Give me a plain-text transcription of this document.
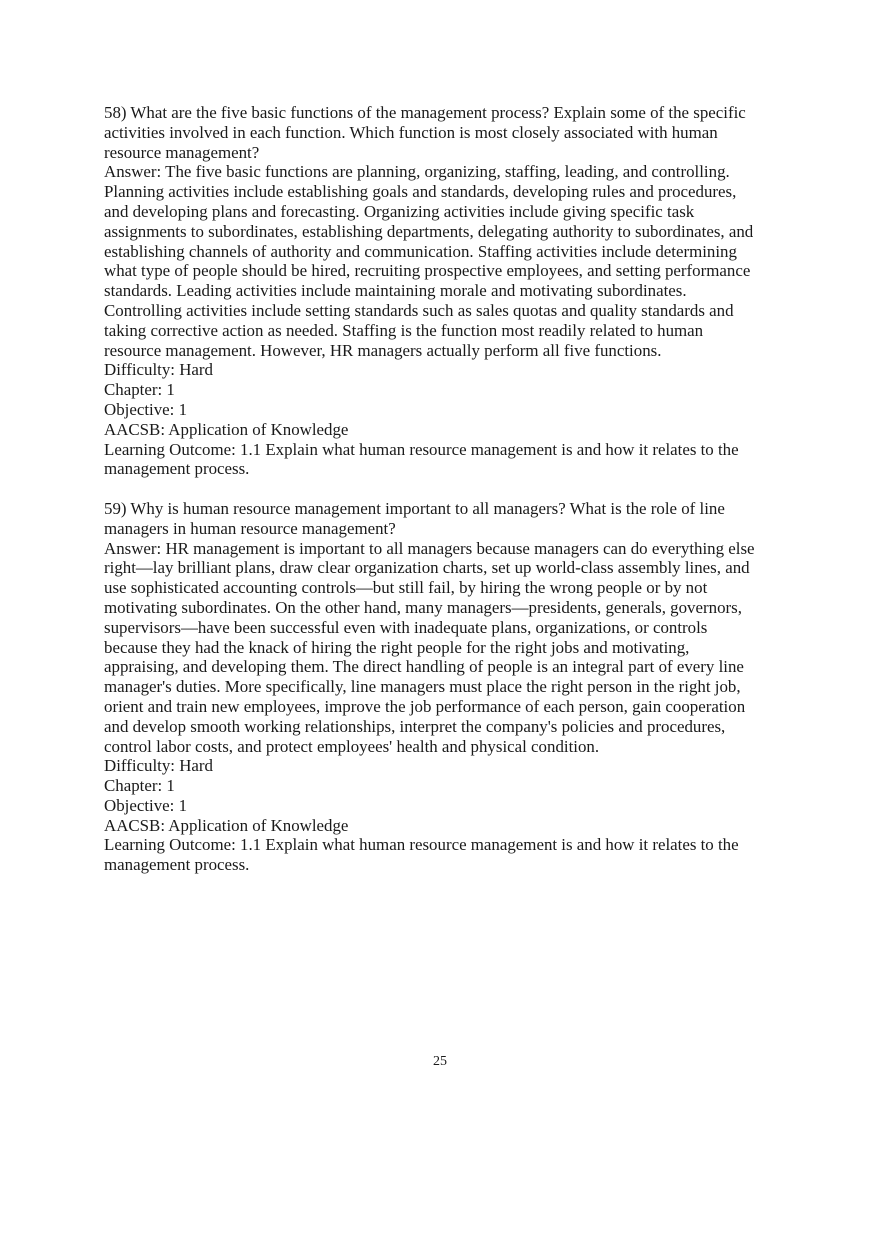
58) What are the five basic functions of the management process? Explain some of the specific
activities involved in each function. Which function is most closely associated with human
resource management?
Answer: The five basic functions are planning, organizing, staffing, leading, and controlling.
Planning activities include establishing goals and standards, developing rules and procedures,
and developing plans and forecasting. Organizing activities include giving specific task
assignments to subordinates, establishing departments, delegating authority to subordinates, and
establishing channels of authority and communication. Staffing activities include determining
what type of people should be hired, recruiting prospective employees, and setting performance
standards. Leading activities include maintaining morale and motivating subordinates.
Controlling activities include setting standards such as sales quotas and quality standards and
taking corrective action as needed. Staffing is the function most readily related to human
resource management. However, HR managers actually perform all five functions.
Difficulty: Hard
Chapter: 1
Objective: 1
AACSB: Application of Knowledge
Learning Outcome: 1.1 Explain what human resource management is and how it relates to the
management process.
59) Why is human resource management important to all managers? What is the role of line
managers in human resource management?
Answer: HR management is important to all managers because managers can do everything else
right—lay brilliant plans, draw clear organization charts, set up world-class assembly lines, and
use sophisticated accounting controls—but still fail, by hiring the wrong people or by not
motivating subordinates. On the other hand, many managers—presidents, generals, governors,
supervisors—have been successful even with inadequate plans, organizations, or controls
because they had the knack of hiring the right people for the right jobs and motivating,
appraising, and developing them. The direct handling of people is an integral part of every line
manager's duties. More specifically, line managers must place the right person in the right job,
orient and train new employees, improve the job performance of each person, gain cooperation
and develop smooth working relationships, interpret the company's policies and procedures,
control labor costs, and protect employees' health and physical condition.
Difficulty: Hard
Chapter: 1
Objective: 1
AACSB: Application of Knowledge
Learning Outcome: 1.1 Explain what human resource management is and how it relates to the
management process.
25
